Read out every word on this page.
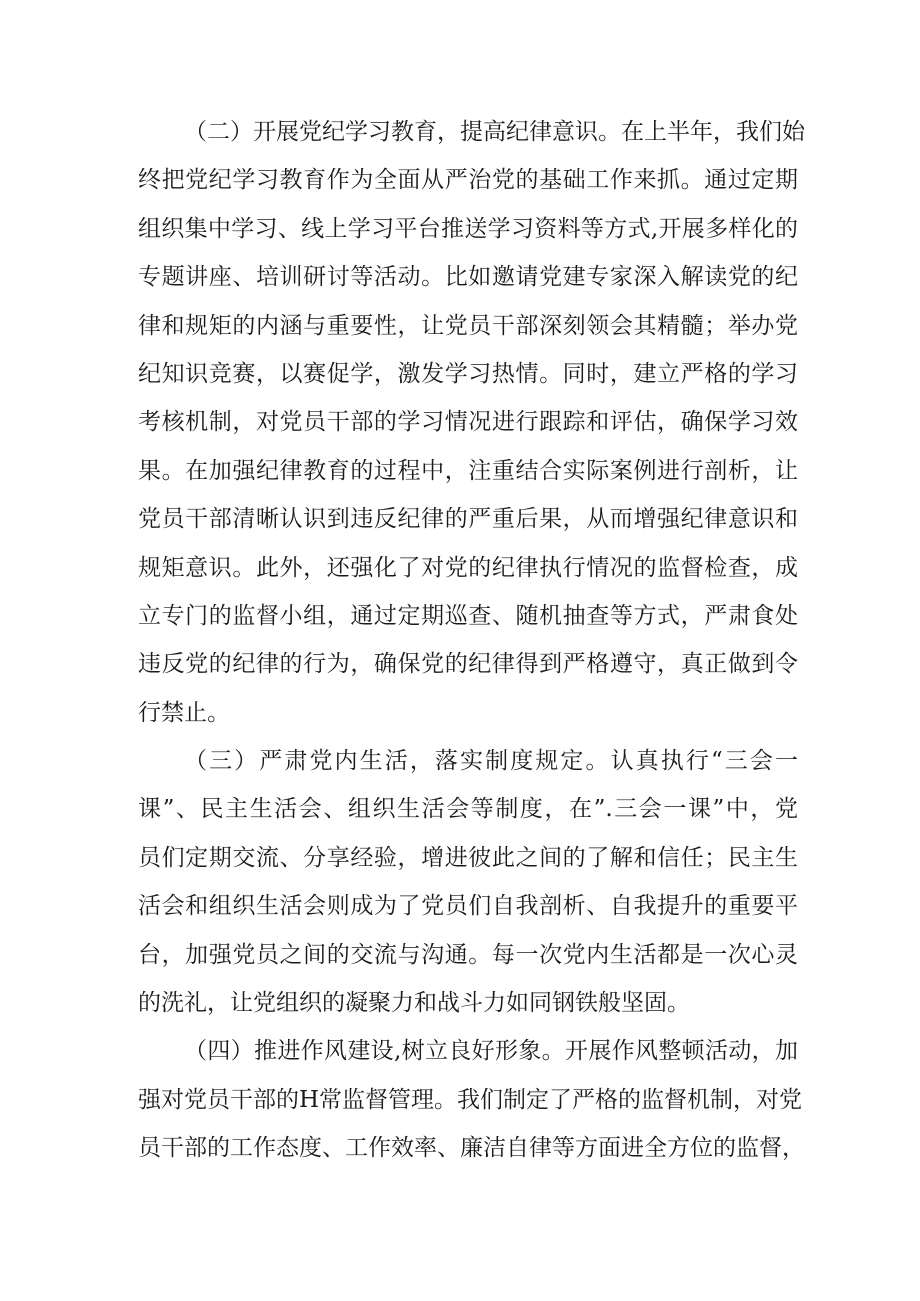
（二）开展党纪学习教育，提高纪律意识。在上半年，我们始
终把党纪学习教育作为全面从严治党的基础工作来抓。通过定期
组织集中学习、线上学习平台推送学习资料等方式,开展多样化的
专题讲座、培训研讨等活动。比如邀请党建专家深入解读党的纪
律和规矩的内涵与重要性，让党员干部深刻领会其精髓；举办党
纪知识竞赛，以赛促学，激发学习热情。同时，建立严格的学习
考核机制，对党员干部的学习情况进行跟踪和评估，确保学习效
果。在加强纪律教育的过程中，注重结合实际案例进行剖析，让
党员干部清晰认识到违反纪律的严重后果，从而增强纪律意识和
规矩意识。此外，还强化了对党的纪律执行情况的监督检查，成
立专门的监督小组，通过定期巡查、随机抽查等方式，严肃食处
违反党的纪律的行为，确保党的纪律得到严格遵守，真正做到令
行禁止。

（三）严肃党内生活，落实制度规定。认真执行“三会一
课”、民主生活会、组织生活会等制度，在”.三会一课”中，党
员们定期交流、分享经验，增进彼此之间的了解和信任；民主生
活会和组织生活会则成为了党员们自我剖析、自我提升的重要平
台，加强党员之间的交流与沟通。每一次党内生活都是一次心灵
的洗礼，让党组织的凝聚力和战斗力如同钢铁般坚固。

（四）推进作风建设,树立良好形象。开展作风整顿活动，加
强对党员干部的H常监督管理。我们制定了严格的监督机制，对党
员干部的工作态度、工作效率、廉洁自律等方面进全方位的监督，
